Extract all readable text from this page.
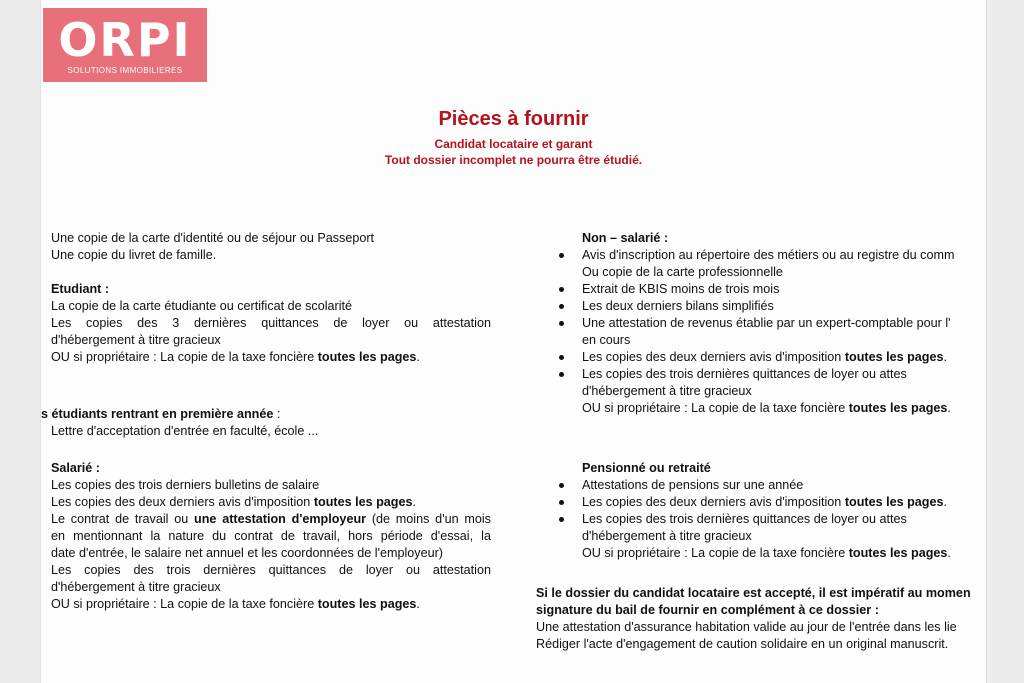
ORPI
SOLUTIONS IMMOBILIERES
Pièces à fournir
Candidat locataire et garant
Tout dossier incomplet ne pourra être étudié.
Une copie de la carte d'identité ou de séjour ou Passeport
Une copie du livret de famille.
Etudiant :
La copie de la carte étudiante ou certificat de scolarité
Les copies des 3 dernières quittances de loyer ou attestation
d'hébergement à titre gracieux
OU si propriétaire : La copie de la taxe foncière toutes les pages.
s étudiants rentrant en première année :
Lettre d'acceptation d'entrée en faculté, école ...
Salarié :
Les copies des trois derniers bulletins de salaire
Les copies des deux derniers avis d'imposition toutes les pages.
Le contrat de travail ou une attestation d'employeur (de moins d'un mois
en mentionnant la nature du contrat de travail, hors période d'essai, la
date d'entrée, le salaire net annuel et les coordonnées de l'employeur)
Les copies des trois dernières quittances de loyer ou attestation
d'hébergement à titre gracieux
OU si propriétaire : La copie de la taxe foncière toutes les pages.
Non – salarié :
Avis d'inscription au répertoire des métiers ou au registre du comm
Ou copie de la carte professionnelle
Extrait de KBIS moins de trois mois
Les deux derniers bilans simplifiés
Une attestation de revenus établie par un expert-comptable pour l'
en cours
Les copies des deux derniers avis d'imposition toutes les pages.
Les copies des trois dernières quittances de loyer ou attes
d'hébergement à titre gracieux
OU si propriétaire : La copie de la taxe foncière toutes les pages.
Pensionné ou retraité
Attestations de pensions sur une année
Les copies des deux derniers avis d'imposition toutes les pages.
Les copies des trois dernières quittances de loyer ou attes
d'hébergement à titre gracieux
OU si propriétaire : La copie de la taxe foncière toutes les pages.
Si le dossier du candidat locataire est accepté, il est impératif au momen
signature du bail de fournir en complément à ce dossier :
Une attestation d'assurance habitation valide au jour de l'entrée dans les lie
Rédiger l'acte d'engagement de caution solidaire en un original manuscrit.
